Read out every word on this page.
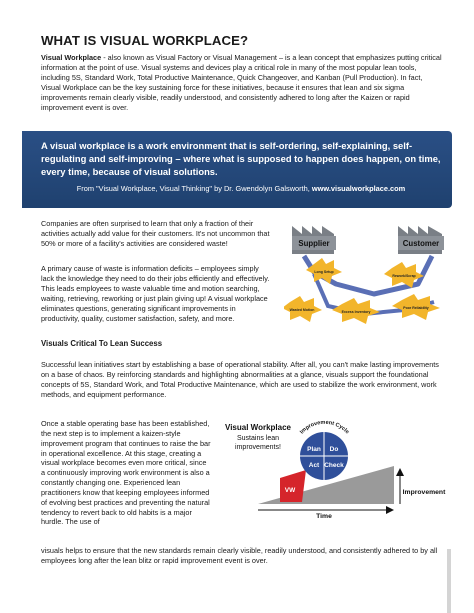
WHAT IS VISUAL WORKPLACE?
Visual Workplace - also known as Visual Factory or Visual Management – is a lean concept that emphasizes putting critical information at the point of use. Visual systems and devices play a critical role in many of the most popular lean tools, including 5S, Standard Work, Total Productive Maintenance, Quick Changeover, and Kanban (Pull Production). In fact, Visual Workplace can be the key sustaining force for these initiatives, because it ensures that lean and six sigma improvements remain clearly visible, readily understood, and consistently adhered to long after the Kaizen or rapid improvement event is over.
A visual workplace is a work environment that is self-ordering, self-explaining, self-regulating and self-improving – where what is supposed to happen does happen, on time, every time, because of visual solutions.
From "Visual Workplace, Visual Thinking" by Dr. Gwendolyn Galsworth, www.visualworkplace.com
Companies are often surprised to learn that only a fraction of their activities actually add value for their customers. It's not uncommon that 50% or more of a facility's activities are considered waste!
A primary cause of waste is information deficits – employees simply lack the knowledge they need to do their jobs efficiently and effectively. This leads employees to waste valuable time and motion searching, waiting, retrieving, reworking or just plain giving up! A visual workplace eliminates questions, generating significant improvements in productivity, quality, customer satisfaction, safety, and more.
Supplier	Customer
Long Setup
Rework/Scrap
Wasted Motion	Excess Inventory
Poor Reliability
Visuals Critical To Lean Success
Successful lean initiatives start by establishing a base of operational stability. After all, you can't make lasting improvements on a base of chaos. By reinforcing standards and highlighting abnormalities at a glance, visuals support the foundational concepts of 5S, Standard Work, and Total Productive Maintenance, which are used to stabilize the work environment, work methods, and equipment performance.
Once a stable operating base has been established, the next step is to implement a kaizen-style improvement program that continues to raise the bar in operational excellence. At this stage, creating a visual workplace becomes even more critical, since a continuously improving work environment is also a constantly changing one. Experienced lean practitioners know that keeping employees informed of evolving best practices and preventing the natural tendency to revert back to old habits is a major hurdle. The use of
Visual Workplace
Sustains lean
improvements!
VW
Plan Do
Act Check
Improvement Cycle
Time
Improvement
visuals helps to ensure that the new standards remain clearly visible, readily understood, and consistently adhered to by all employees long after the lean blitz or rapid improvement event is over.
